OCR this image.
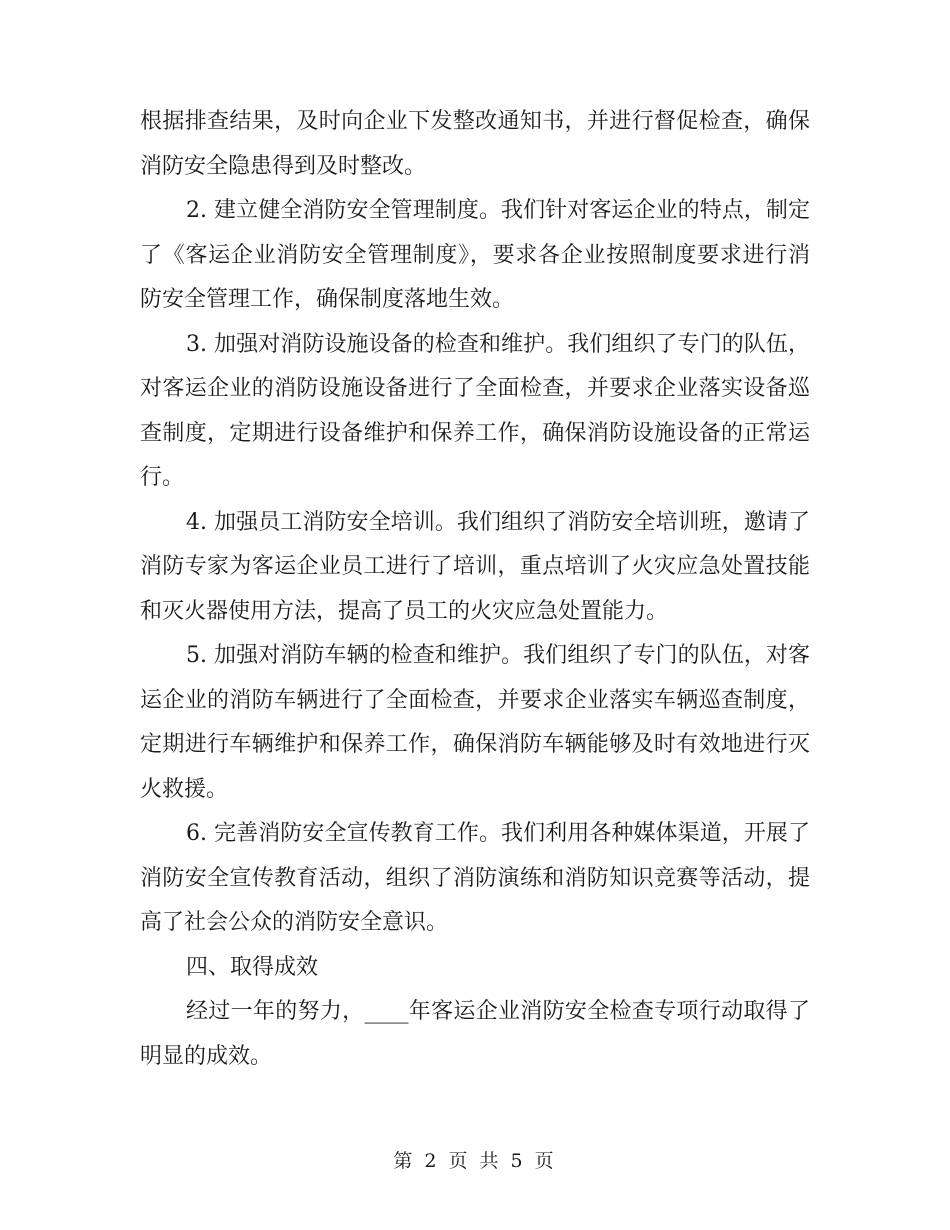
根据排查结果，及时向企业下发整改通知书，并进行督促检查，确保消防安全隐患得到及时整改。

2. 建立健全消防安全管理制度。我们针对客运企业的特点，制定了《客运企业消防安全管理制度》，要求各企业按照制度要求进行消防安全管理工作，确保制度落地生效。

3. 加强对消防设施设备的检查和维护。我们组织了专门的队伍，对客运企业的消防设施设备进行了全面检查，并要求企业落实设备巡查制度，定期进行设备维护和保养工作，确保消防设施设备的正常运行。

4. 加强员工消防安全培训。我们组织了消防安全培训班，邀请了消防专家为客运企业员工进行了培训，重点培训了火灾应急处置技能和灭火器使用方法，提高了员工的火灾应急处置能力。

5. 加强对消防车辆的检查和维护。我们组织了专门的队伍，对客运企业的消防车辆进行了全面检查，并要求企业落实车辆巡查制度，定期进行车辆维护和保养工作，确保消防车辆能够及时有效地进行灭火救援。

6. 完善消防安全宣传教育工作。我们利用各种媒体渠道，开展了消防安全宣传教育活动，组织了消防演练和消防知识竞赛等活动，提高了社会公众的消防安全意识。

四、取得成效

经过一年的努力，____年客运企业消防安全检查专项行动取得了明显的成效。

第 2 页 共 5 页
